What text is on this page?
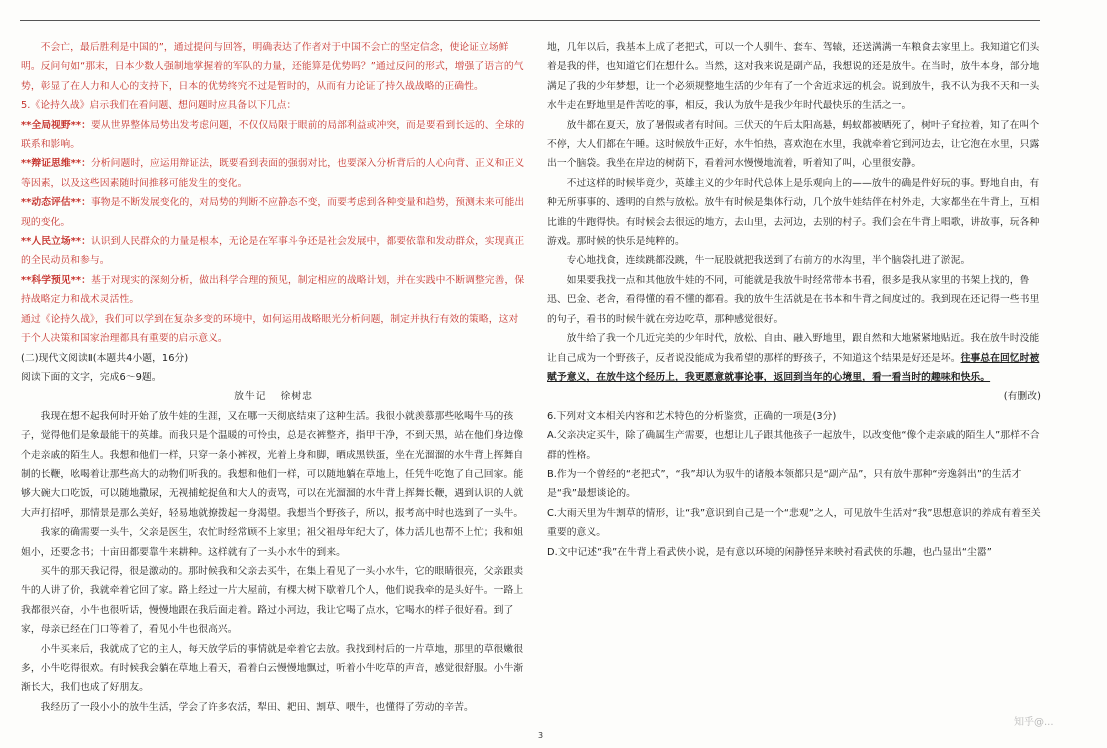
不会亡，最后胜利是中国的”，通过提问与回答，明确表达了作者对于中国不会亡的坚定信念，使论证立场鲜明。反问句如“那末，日本少数人强制地掌握着的军队的力量，还能算是优势吗？”通过反问的形式，增强了语言的气势，彰显了在人力和人心的支持下，日本的优势终究不过是暂时的，从而有力论证了持久战战略的正确性。

5.《论持久战》启示我们在看问题、想问题时应具备以下几点：

**全局视野**：要从世界整体局势出发考虑问题，不仅仅局限于眼前的局部利益或冲突，而是要看到长远的、全球的联系和影响。

**辩证思维**：分析问题时，应运用辩证法，既要看到表面的强弱对比，也要深入分析背后的人心向背、正义和正义等因素，以及这些因素随时间推移可能发生的变化。

**动态评估**：事物是不断发展变化的，对局势的判断不应静态不变，而要考虑到各种变量和趋势，预测未来可能出现的变化。

**人民立场**：认识到人民群众的力量是根本，无论是在军事斗争还是社会发展中，都要依靠和发动群众，实现真正的全民动员和参与。

**科学预见**：基于对现实的深刻分析，做出科学合理的预见，制定相应的战略计划，并在实践中不断调整完善，保持战略定力和战术灵活性。

通过《论持久战》，我们可以学到在复杂多变的环境中，如何运用战略眼光分析问题，制定并执行有效的策略，这对于个人决策和国家治理都具有重要的启示意义。

(二)现代文阅读Ⅱ(本题共4小题，16分)

阅读下面的文字，完成6～9题。

放牛记 徐树忠

我现在想不起我何时开始了放牛娃的生涯，又在哪一天彻底结束了这种生活。我很小就羡慕那些吆喝牛马的孩子，觉得他们是象最能干的英雄。而我只是个温暖的可怜虫，总是衣裤整齐，指甲干净，不到天黑，站在他们身边像个走亲戚的陌生人。我想和他们一样，只穿一条小裤衩，光着上身和脚，晒成黑铁蛋，坐在光溜溜的水牛背上挥舞自制的长鞭，吆喝着让那些高大的动物们听我的。我想和他们一样，可以随地躺在草地上，任凭牛吃饱了自己回家。能够大碗大口吃饭，可以随地撒尿，无视捕蛇捉鱼和大人的责骂，可以在光溜溜的水牛背上挥舞长鞭，遇到认识的人就大声打招呼，那情景是那么美好，轻易地就撩拨起一身渴望。我想当个野孩子，所以，报考高中时也选到了一头牛。

我家的确需要一头牛，父亲是医生，农忙时经常顾不上家里；祖父祖母年纪大了，体力活儿也帮不上忙；我和姐姐小，还要念书；十亩田都要靠牛来耕种。这样就有了一头小水牛的到来。

买牛的那天我记得，很是激动的。那时候我和父亲去买牛，在集上看见了一头小水牛，它的眼睛很亮，父亲跟卖牛的人讲了价，我就牵着它回了家。路上经过一片大屋前，有棵大树下歇着几个人，他们说我牵的是头好牛。一路上我都很兴奋，小牛也很听话，慢慢地跟在我后面走着。路过小河边，我让它喝了点水，它喝水的样子很好看。到了家，母亲已经在门口等着了，看见小牛也很高兴。

小牛买来后，我就成了它的主人，每天放学后的事情就是牵着它去放。我找到村后的一片草地，那里的草很嫩很多，小牛吃得很欢。有时候我会躺在草地上看天，看着白云慢慢地飘过，听着小牛吃草的声音，感觉很舒服。小牛渐渐长大，我们也成了好朋友。

我经历了一段小小的放牛生活，学会了许多农活，犁田、耙田、割草、喂牛，也懂得了劳动的辛苦。

地，几年以后，我基本上成了老把式，可以一个人驯牛、套车、驾辕，还送满满一车粮食去家里上。我知道它们头着是我的伴，也知道它们在想什么。当然，这对我来说是副产品，我想说的还是放牛。在当时，放牛本身，部分地满足了我的少年梦想，让一个必须规整地生活的少年有了一个舍近求远的机会。说到放牛，我不认为我不天和一头水牛走在野地里是件苦吃的事，相反，我认为放牛是我少年时代最快乐的生活之一。

放牛都在夏天，放了暑假或者有时间。三伏天的午后太阳高悬，蚂蚁都被晒死了，树叶子耷拉着，知了在叫个不停，大人们都在午睡。这时候放牛正好，水牛怕热，喜欢泡在水里，我就牵着它到河边去，让它泡在水里，只露出一个脑袋。我坐在岸边的树荫下，看着河水慢慢地流着，听着知了叫，心里很安静。

不过这样的时候毕竟少，英雄主义的少年时代总体上是乐观向上的——放牛的确是件好玩的事。野地自由，有种无所事事的、透明的自然与放松。放牛有时候是集体行动，几个放牛娃结伴在村外走，大家都坐在牛背上，互相比谁的牛跑得快。有时候会去很远的地方，去山里，去河边，去别的村子。我们会在牛背上唱歌，讲故事，玩各种游戏。那时候的快乐是纯粹的。

专心地找食，连续跳都没跳，牛一屁股就把我送到了右前方的水沟里，半个脑袋扎进了淤泥。

如果要我找一点和其他放牛娃的不同，可能就是我放牛时经常带本书看，很多是我从家里的书架上找的，鲁迅、巴金、老舍，看得懂的看不懂的都看。我的放牛生活就是在书本和牛背之间度过的。我到现在还记得一些书里的句子，看书的时候牛就在旁边吃草，那种感觉很好。

放牛给了我一个几近完美的少年时代，放松、自由、融入野地里，跟自然和大地紧紧地贴近。我在放牛时没能让自己成为一个野孩子，反者说没能成为我希望的那样的野孩子，不知道这个结果是好还是坏。往事总在回忆时被赋予意义，在放牛这个经历上，我更愿意就事论事，返回到当年的心境里，看一看当时的趣味和快乐。

(有删改)

6.下列对文本相关内容和艺术特色的分析鉴赏，正确的一项是(3分)

A.父亲决定买牛，除了确属生产需要，也想让儿子跟其他孩子一起放牛，以改变他“像个走亲戚的陌生人”那样不合群的性格。

B.作为一个曾经的“老把式”，“我”却认为驭牛的诸般本领都只是“副产品”，只有放牛那种“旁逸斜出”的生活才是“我”最想谈论的。

C.大雨天里为牛割草的情形，让“我”意识到自己是一个“悲观”之人，可见放牛生活对“我”思想意识的养成有着至关重要的意义。

D.文中记述“我”在牛背上看武侠小说，是有意以环境的闲静怪异来映衬看武侠的乐趣，也凸显出“尘嚣”

3
知乎@...
